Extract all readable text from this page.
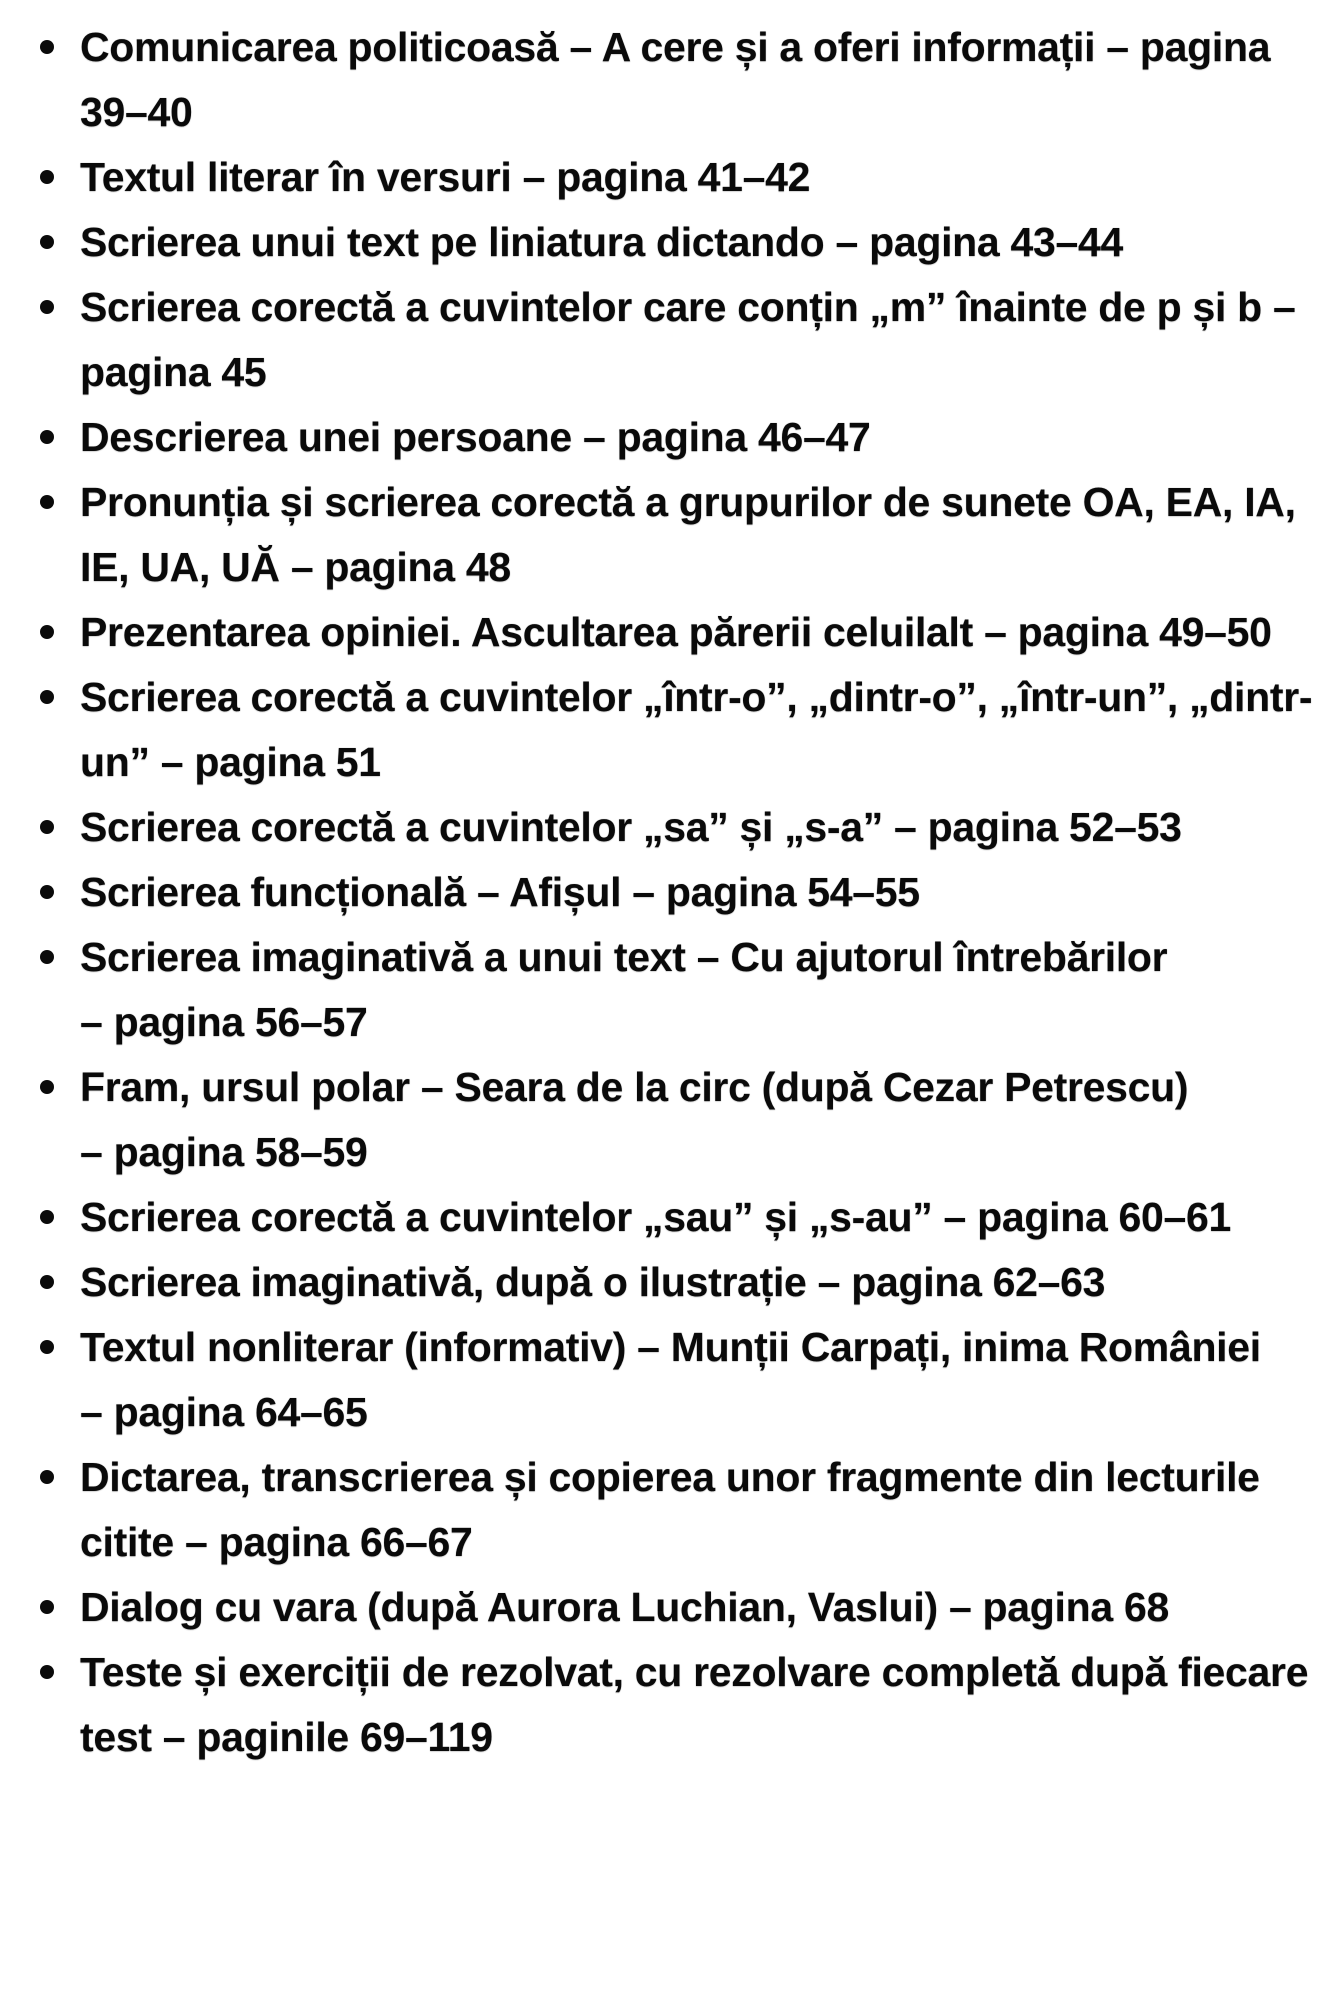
Comunicarea politicoasă – A cere și a oferi informații – pagina
39–40
Textul literar în versuri – pagina 41–42
Scrierea unui text pe liniatura dictando – pagina 43–44
Scrierea corectă a cuvintelor care conțin „m” înainte de p și b –
pagina 45
Descrierea unei persoane – pagina 46–47
Pronunția și scrierea corectă a grupurilor de sunete OA, EA, IA,
IE, UA, UĂ – pagina 48
Prezentarea opiniei. Ascultarea părerii celuilalt – pagina 49–50
Scrierea corectă a cuvintelor „într-o”, „dintr-o”, „într-un”, „dintr-
un” – pagina 51
Scrierea corectă a cuvintelor „sa” și „s-a” – pagina 52–53
Scrierea funcțională – Afișul – pagina 54–55
Scrierea imaginativă a unui text – Cu ajutorul întrebărilor
– pagina 56–57
Fram, ursul polar – Seara de la circ (după Cezar Petrescu)
– pagina 58–59
Scrierea corectă a cuvintelor „sau” și „s-au” – pagina 60–61
Scrierea imaginativă, după o ilustrație – pagina 62–63
Textul nonliterar (informativ) – Munții Carpați, inima României
– pagina 64–65
Dictarea, transcrierea și copierea unor fragmente din lecturile
citite – pagina 66–67
Dialog cu vara (după Aurora Luchian, Vaslui) – pagina 68
Teste și exerciții de rezolvat, cu rezolvare completă după fiecare
test – paginile 69–119
